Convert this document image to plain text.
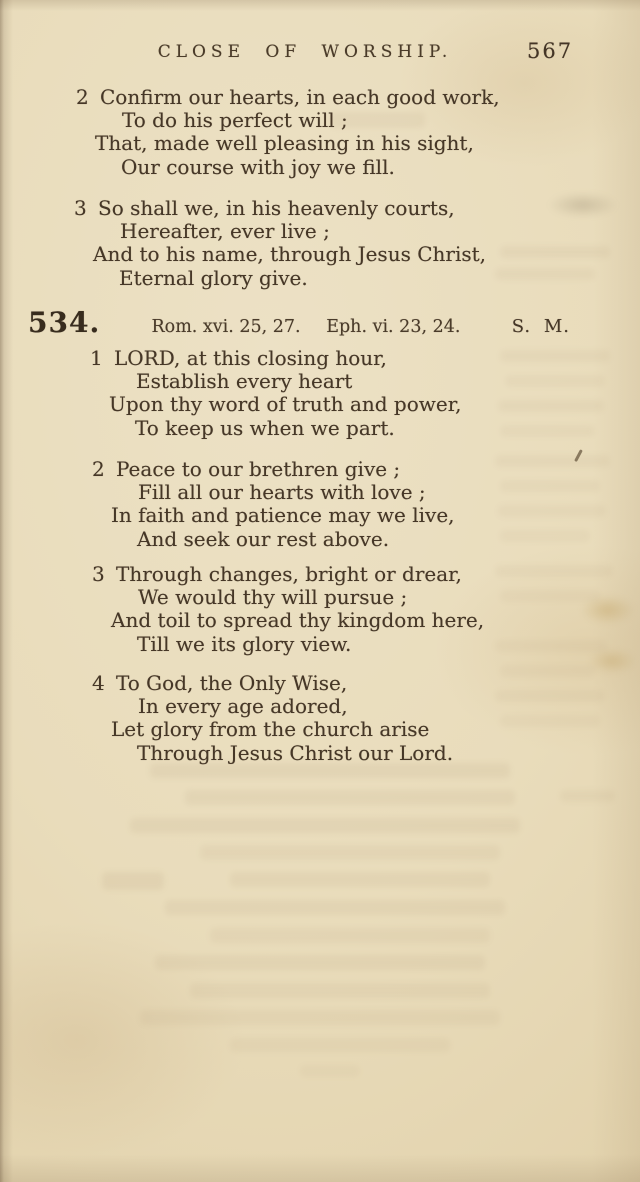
CLOSE OF WORSHIP.	567
2 Confirm our hearts, in each good work,
To do his perfect will ;
That, made well pleasing in his sight,
Our course with joy we fill.
3 So shall we, in his heavenly courts,
Hereafter, ever live ;
And to his name, through Jesus Christ,
Eternal glory give.
534.	Rom. xvi. 25, 27. Eph. vi. 23, 24.	S. M.
1 LORD, at this closing hour,
Establish every heart
Upon thy word of truth and power,
To keep us when we part.
2 Peace to our brethren give ;
Fill all our hearts with love ;
In faith and patience may we live,
And seek our rest above.
3 Through changes, bright or drear,
We would thy will pursue ;
And toil to spread thy kingdom here,
Till we its glory view.
4 To God, the Only Wise,
In every age adored,
Let glory from the church arise
Through Jesus Christ our Lord.
